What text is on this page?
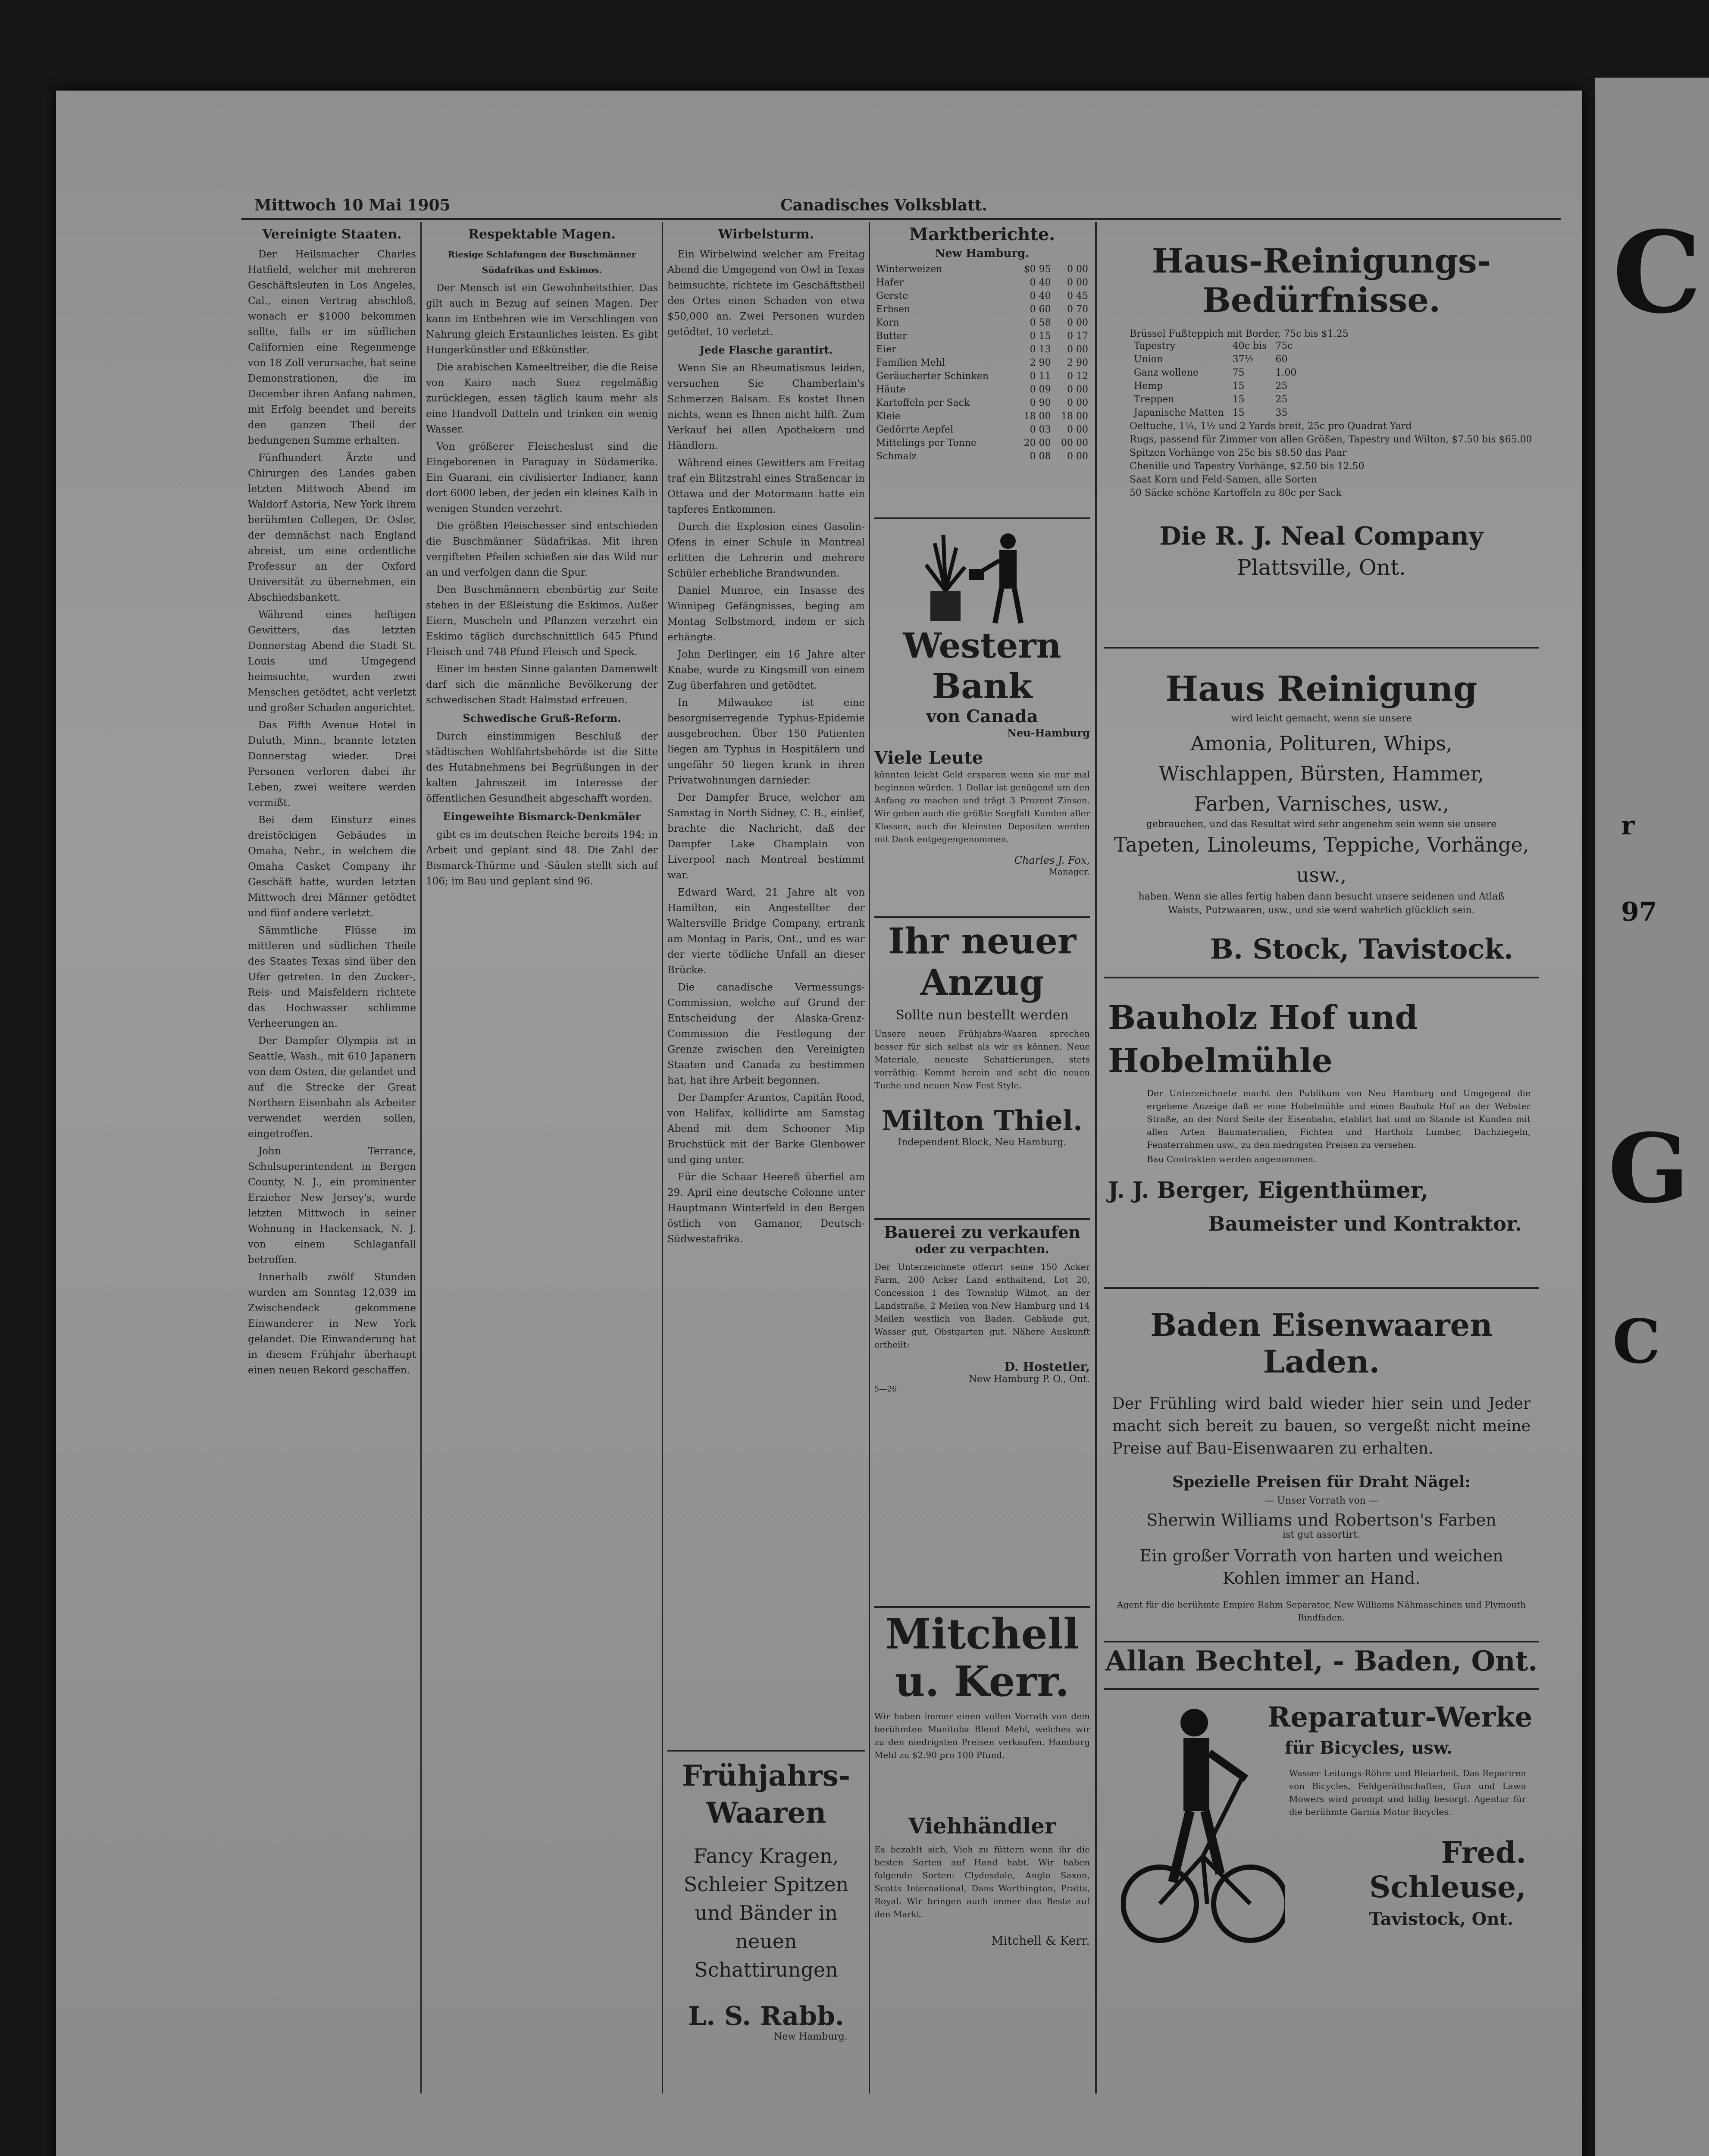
C
r
97
G
C
Mittwoch 10 Mai 1905	Canadisches Volksblatt.
Vereinigte Staaten.

Der Heilsmacher Charles Hatfield, welcher mit mehreren Geschäftsleuten in Los Angeles, Cal., einen Vertrag abschloß, wonach er $1000 bekommen sollte, falls er im südlichen Californien eine Regenmenge von 18 Zoll verursache, hat seine Demonstrationen, die im December ihren Anfang nahmen, mit Erfolg beendet und bereits den ganzen Theil der bedungenen Summe erhalten.

Fünfhundert Ärzte und Chirurgen des Landes gaben letzten Mittwoch Abend im Waldorf Astoria, New York ihrem berühmten Collegen, Dr. Osler, der demnächst nach England abreist, um eine ordentliche Professur an der Oxford Universität zu übernehmen, ein Abschiedsbankett.

Während eines heftigen Gewitters, das letzten Donnerstag Abend die Stadt St. Louis und Umgegend heimsuchte, wurden zwei Menschen getödtet, acht verletzt und großer Schaden angerichtet.

Das Fifth Avenue Hotel in Duluth, Minn., brannte letzten Donnerstag wieder. Drei Personen verloren dabei ihr Leben, zwei weitere werden vermißt.

Bei dem Einsturz eines dreistöckigen Gebäudes in Omaha, Nebr., in welchem die Omaha Casket Company ihr Geschäft hatte, wurden letzten Mittwoch drei Männer getödtet und fünf andere verletzt.

Sämmtliche Flüsse im mittleren und südlichen Theile des Staates Texas sind über den Ufer getreten. In den Zucker-, Reis- und Maisfeldern richtete das Hochwasser schlimme Verheerungen an.

Der Dampfer Olympia ist in Seattle, Wash., mit 610 Japanern von dem Osten, die gelandet und auf die Strecke der Great Northern Eisenbahn als Arbeiter verwendet werden sollen, eingetroffen.

John Terrance, Schulsuperintendent in Bergen County, N. J., ein prominenter Erzieher New Jersey's, wurde letzten Mittwoch in seiner Wohnung in Hackensack, N. J. von einem Schlaganfall betroffen.

Innerhalb zwölf Stunden wurden am Sonntag 12,039 im Zwischendeck gekommene Einwanderer in New York gelandet. Die Einwanderung hat in diesem Frühjahr überhaupt einen neuen Rekord geschaffen.

Respektable Magen.
Riesige Schlafungen der Buschmänner Südafrikas und Eskimos.

Der Mensch ist ein Gewohnheitsthier. Das gilt auch in Bezug auf seinen Magen. Der kann im Entbehren wie im Verschlingen von Nahrung gleich Erstaunliches leisten. Es gibt Hungerkünstler und Eßkünstler.

Die arabischen Kameeltreiber, die die Reise von Kairo nach Suez regelmäßig zurücklegen, essen täglich kaum mehr als eine Handvoll Datteln und trinken ein wenig Wasser.

Von größerer Fleischeslust sind die Eingeborenen in Paraguay in Südamerika. Ein Guarani, ein civilisierter Indianer, kann dort 6000 leben, der jeden ein kleines Kalb in wenigen Stunden verzehrt.

Die größten Fleischesser sind entschieden die Buschmänner Südafrikas. Mit ihren vergifteten Pfeilen schießen sie das Wild nur an und verfolgen dann die Spur.

Den Buschmännern ebenbürtig zur Seite stehen in der Eßleistung die Eskimos. Außer Eiern, Muscheln und Pflanzen verzehrt ein Eskimo täglich durchschnittlich 645 Pfund Fleisch und 748 Pfund Fleisch und Speck.

Einer im besten Sinne galanten Damenwelt darf sich die männliche Bevölkerung der schwedischen Stadt Halmstad erfreuen.

Schwedische Gruß-Reform.

Durch einstimmigen Beschluß der städtischen Wohlfahrtsbehörde ist die Sitte des Hutabnehmens bei Begrüßungen in der kalten Jahreszeit im Interesse der öffentlichen Gesundheit abgeschafft worden.

Eingeweihte Bismarck-Denkmäler

gibt es im deutschen Reiche bereits 194; in Arbeit und geplant sind 48. Die Zahl der Bismarck-Thürme und -Säulen stellt sich auf 106; im Bau und geplant sind 96.

Wirbelsturm.

Ein Wirbelwind welcher am Freitag Abend die Umgegend von Owl in Texas heimsuchte, richtete im Geschäftstheil des Ortes einen Schaden von etwa $50,000 an. Zwei Personen wurden getödtet, 10 verletzt.

Jede Flasche garantirt.

Wenn Sie an Rheumatismus leiden, versuchen Sie Chamberlain's Schmerzen Balsam. Es kostet Ihnen nichts, wenn es Ihnen nicht hilft. Zum Verkauf bei allen Apothekern und Händlern.

Während eines Gewitters am Freitag traf ein Blitzstrahl eines Straßencar in Ottawa und der Motormann hatte ein tapferes Entkommen.

Durch die Explosion eines Gasolin-Ofens in einer Schule in Montreal erlitten die Lehrerin und mehrere Schüler erhebliche Brandwunden.

Daniel Munroe, ein Insasse des Winnipeg Gefängnisses, beging am Montag Selbstmord, indem er sich erhängte.

John Derlinger, ein 16 Jahre alter Knabe, wurde zu Kingsmill von einem Zug überfahren und getödtet.

In Milwaukee ist eine besorgniserregende Typhus-Epidemie ausgebrochen. Über 150 Patienten liegen am Typhus in Hospitälern und ungefähr 50 liegen krank in ihren Privatwohnungen darnieder.

Der Dampfer Bruce, welcher am Samstag in North Sidney, C. B., einlief, brachte die Nachricht, daß der Dampfer Lake Champlain von Liverpool nach Montreal bestimmt war.

Edward Ward, 21 Jahre alt von Hamilton, ein Angestellter der Waltersville Bridge Company, ertrank am Montag in Paris, Ont., und es war der vierte tödliche Unfall an dieser Brücke.

Die canadische Vermessungs-Commission, welche auf Grund der Entscheidung der Alaska-Grenz-Commission die Festlegung der Grenze zwischen den Vereinigten Staaten und Canada zu bestimmen hat, hat ihre Arbeit begonnen.

Der Dampfer Arantos, Capitän Rood, von Halifax, kollidirte am Samstag Abend mit dem Schooner Mip Bruchstück mit der Barke Glenbower und ging unter.

Für die Schaar Heereß überfiel am 29. April eine deutsche Colonne unter Hauptmann Winterfeld in den Bergen östlich von Gamanor, Deutsch-Südwestafrika.

Frühjahrs-Waaren
Fancy Kragen, Schleier Spitzen und Bänder in neuen Schattirungen
L. S. Rabb.
New Hamburg.
Marktberichte.
New Hamburg.
Winterweizen	$0 95	0 00
Hafer	0 40	0 00
Gerste	0 40	0 45
Erbsen	0 60	0 70
Korn	0 58	0 00
Butter	0 15	0 17
Eier	0 13	0 00
Familien Mehl	2 90	2 90
Geräucherter Schinken	0 11	0 12
Häute	0 09	0 00
Kartoffeln per Sack	0 90	0 00
Kleie	18 00	18 00
Gedörrte Aepfel	0 03	0 00
Mittelings per Tonne	20 00	00 00
Schmalz	0 08	0 00
Western Bank
von Canada
Neu-Hamburg
Viele Leute
könnten leicht Geld ersparen wenn sie nur mal beginnen würden. 1 Dollar ist genügend um den Anfang zu machen und trägt 3 Prozent Zinsen. Wir geben auch die größte Sorgfalt Kunden aller Klassen, auch die kleinsten Depositen werden mit Dank entgegengenommen.
Charles J. Fox,
Manager.
Ihr neuer Anzug
Sollte nun bestellt werden
Unsere neuen Frühjahrs-Waaren sprechen besser für sich selbst als wir es können. Neue Materiale, neueste Schattierungen, stets vorräthig. Kommt herein und seht die neuen Tuche und neuen New Fest Style.
Milton Thiel.
Independent Block, Neu Hamburg.
Bauerei zu verkaufen
oder zu verpachten.
Der Unterzeichnete offerirt seine 150 Acker Farm, 200 Acker Land enthaltend, Lot 20, Concession 1 des Township Wilmot, an der Landstraße, 2 Meilen von New Hamburg und 14 Meilen westlich von Baden. Gebäude gut, Wasser gut, Obstgarten gut. Nähere Auskunft ertheilt:
D. Hostetler,
New Hamburg P. O., Ont.
5—26
Mitchell u. Kerr.
Wir haben immer einen vollen Vorrath von dem berühmten Manitoba Blend Mehl, welches wir zu den niedrigsten Preisen verkaufen. Hamburg Mehl zu $2.90 pro 100 Pfund.
Viehhändler
Es bezahlt sich, Vieh zu füttern wenn ihr die besten Sorten auf Hand habt. Wir haben folgende Sorten: Clydesdale, Anglo Saxon, Scotts International, Dans Worthington, Pratts, Royal. Wir bringen auch immer das Beste auf den Markt.
Mitchell & Kerr.
Haus-Reinigungs-Bedürfnisse.
Brüssel Fußteppich mit Border, 75c bis $1.25
Tapestry	40c bis	75c
Union	37½	60
Ganz wollene	75	1.00
Hemp	15	25
Treppen	15	25
Japanische Matten	15	35
Oeltuche, 1¼, 1½ und 2 Yards breit, 25c pro Quadrat Yard
Rugs, passend für Zimmer von allen Größen, Tapestry und Wilton, $7.50 bis $65.00
Spitzen Vorhänge von 25c bis $8.50 das Paar
Chenille und Tapestry Vorhänge, $2.50 bis 12.50
Saat Korn und Feld-Samen, alle Sorten
50 Säcke schöne Kartoffeln zu 80c per Sack
Die R. J. Neal Company
Plattsville, Ont.
Haus Reinigung
wird leicht gemacht, wenn sie unsere
Amonia, Polituren, Whips, Wischlappen, Bürsten, Hammer, Farben, Varnisches, usw.,
gebrauchen, und das Resultat wird sehr angenehm sein wenn sie unsere
Tapeten, Linoleums, Teppiche, Vorhänge, usw.,
haben. Wenn sie alles fertig haben dann besucht unsere seidenen und Atlaß Waists, Putzwaaren, usw., und sie werd wahrlich glücklich sein.
B. Stock, Tavistock.
Bauholz Hof und Hobelmühle
Der Unterzeichnete macht den Publikum von Neu Hamburg und Umgegend die ergebene Anzeige daß er eine Hobelmühle und einen Bauholz Hof an der Webster Straße, an der Nord Seite der Eisenbahn, etablirt hat und im Stande ist Kunden mit allen Arten Baumaterialien, Fichten und Hartholz Lumber, Dachziegeln, Fensterrahmen usw., zu den niedrigsten Preisen zu versehen.
Bau Contrakten werden angenommen.
J. J. Berger, Eigenthümer,
Baumeister und Kontraktor.
Baden Eisenwaaren Laden.
Der Frühling wird bald wieder hier sein und Jeder macht sich bereit zu bauen, so vergeßt nicht meine Preise auf Bau-Eisenwaaren zu erhalten.
Spezielle Preisen für Draht Nägel:
— Unser Vorrath von —
Sherwin Williams und Robertson's Farben
ist gut assortirt.
Ein großer Vorrath von harten und weichen Kohlen immer an Hand.
Agent für die berühmte Empire Rahm Separator, New Williams Nähmaschinen und Plymouth Bindfaden.
Allan Bechtel, - Baden, Ont.
Reparatur-Werke
für Bicycles, usw.
Wasser Leitungs-Röhre und Bleiarbeit. Das Repariren von Bicycles, Feldgeräthschaften, Gun und Lawn Mowers wird prompt und billig besorgt. Agentur für die berühmte Garnia Motor Bicycles.
Fred. Schleuse,
Tavistock, Ont.
